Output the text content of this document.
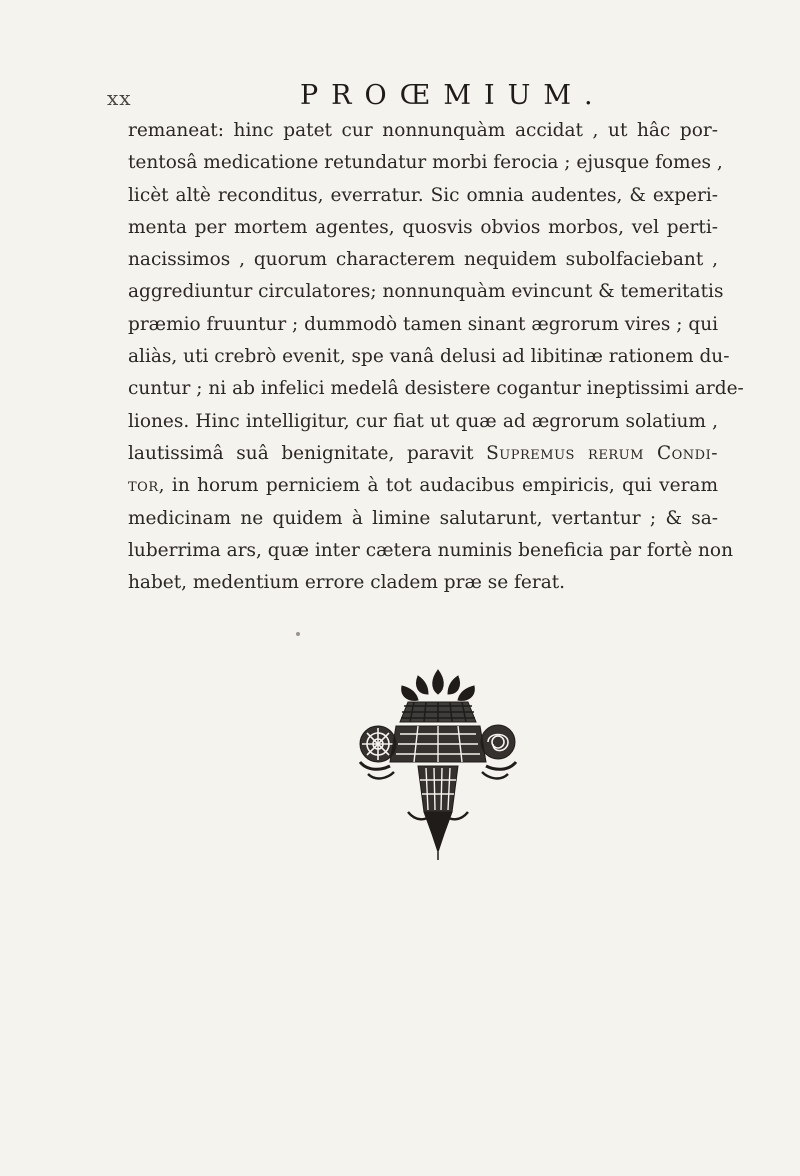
xx	PROŒMIUM.
remaneat: hinc patet cur nonnunquàm accidat , ut hâc por-
tentosâ medicatione retundatur morbi ferocia ; ejusque fomes ,
licèt altè reconditus, everratur. Sic omnia audentes, & experi-
menta per mortem agentes, quosvis obvios morbos, vel perti-
nacissimos , quorum characterem nequidem subolfaciebant ,
aggrediuntur circulatores; nonnunquàm evincunt & temeritatis
præmio fruuntur ; dummodò tamen sinant ægrorum vires ; qui
aliàs, uti crebrò evenit, spe vanâ delusi ad libitinæ rationem du-
cuntur ; ni ab infelici medelâ desistere cogantur ineptissimi arde-
liones. Hinc intelligitur, cur fiat ut quæ ad ægrorum solatium ,
lautissimâ suâ benignitate, paravit Supremus rerum Condi-
tor, in horum perniciem à tot audacibus empiricis, qui veram
medicinam ne quidem à limine salutarunt, vertantur ; & sa-
luberrima ars, quæ inter cætera numinis beneficia par fortè non
habet, medentium errore cladem præ se ferat.
